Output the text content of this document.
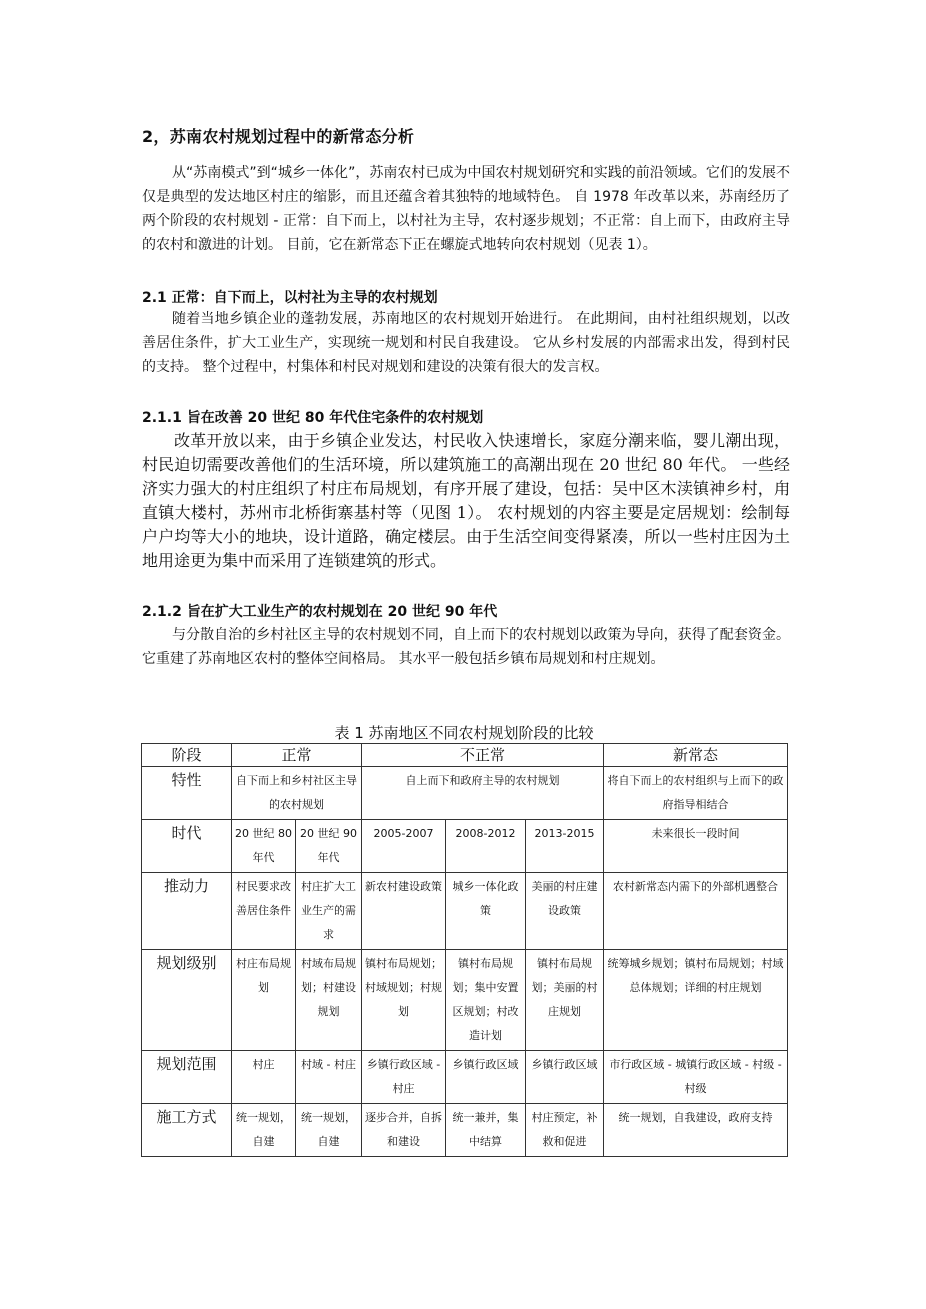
2，苏南农村规划过程中的新常态分析

从“苏南模式”到“城乡一体化”，苏南农村已成为中国农村规划研究和实践的前沿领域。它们的发展不仅是典型的发达地区村庄的缩影，而且还蕴含着其独特的地域特色。 自 1978 年改革以来，苏南经历了两个阶段的农村规划 - 正常：自下而上，以村社为主导，农村逐步规划；不正常：自上而下，由政府主导的农村和激进的计划。 目前，它在新常态下正在螺旋式地转向农村规划（见表 1）。

2.1 正常：自下而上，以村社为主导的农村规划

随着当地乡镇企业的蓬勃发展，苏南地区的农村规划开始进行。 在此期间，由村社组织规划，以改善居住条件，扩大工业生产，实现统一规划和村民自我建设。 它从乡村发展的内部需求出发，得到村民的支持。 整个过程中，村集体和村民对规划和建设的决策有很大的发言权。

2.1.1 旨在改善 20 世纪 80 年代住宅条件的农村规划

改革开放以来，由于乡镇企业发达，村民收入快速增长，家庭分潮来临，婴儿潮出现，村民迫切需要改善他们的生活环境，所以建筑施工的高潮出现在 20 世纪 80 年代。 一些经济实力强大的村庄组织了村庄布局规划，有序开展了建设，包括：吴中区木渎镇神乡村，甪直镇大楼村，苏州市北桥街寨基村等（见图 1）。 农村规划的内容主要是定居规划：绘制每户户均等大小的地块，设计道路，确定楼层。由于生活空间变得紧凑，所以一些村庄因为土地用途更为集中而采用了连锁建筑的形式。

2.1.2 旨在扩大工业生产的农村规划在 20 世纪 90 年代

与分散自治的乡村社区主导的农村规划不同，自上而下的农村规划以政策为导向，获得了配套资金。 它重建了苏南地区农村的整体空间格局。 其水平一般包括乡镇布局规划和村庄规划。

表 1 苏南地区不同农村规划阶段的比较
阶段	正常		不正常			新常态
特性	自下而上和乡村社区主导的农村规划		自上而下和政府主导的农村规划			将自下而上的农村组织与上而下的政府指导相结合
时代	20 世纪 80 年代	20 世纪 90 年代	2005-2007	2008-2012	2013-2015	未来很长一段时间
推动力	村民要求改善居住条件	村庄扩大工业生产的需求	新农村建设政策	城乡一体化政策	美丽的村庄建设政策	农村新常态内需下的外部机遇整合
规划级别	村庄布局规划	村域布局规划；村建设规划	镇村布局规划；村域规划；村规划	镇村布局规划；集中安置区规划；村改造计划	镇村布局规划；美丽的村庄规划	统筹城乡规划；镇村布局规划；村域总体规划；详细的村庄规划
规划范围	村庄	村域 - 村庄	乡镇行政区域 - 村庄	乡镇行政区域	乡镇行政区域	市行政区域 - 城镇行政区域 - 村级 - 村级
施工方式	统一规划，自建	统一规划，自建	逐步合并，自拆和建设	统一兼并，集中结算	村庄预定，补救和促进	统一规划，自我建设，政府支持
